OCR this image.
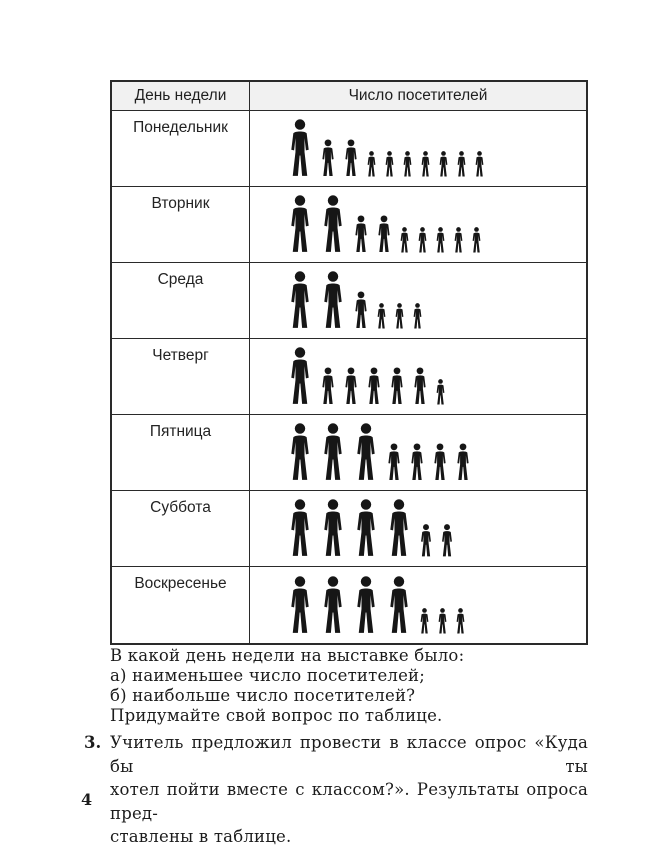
День недели	Число посетителей
Понедельник
Вторник
Среда
Четверг
Пятница
Суббота
Воскресенье
В какой день недели на выставке было:
а) наименьшее число посетителей;
б) наибольше число посетителей?
Придумайте свой вопрос по таблице.
3. Учитель предложил провести в классе опрос «Куда бы ты
хотел пойти вместе с классом?». Результаты опроса пред-
ставлены в таблице.
4
